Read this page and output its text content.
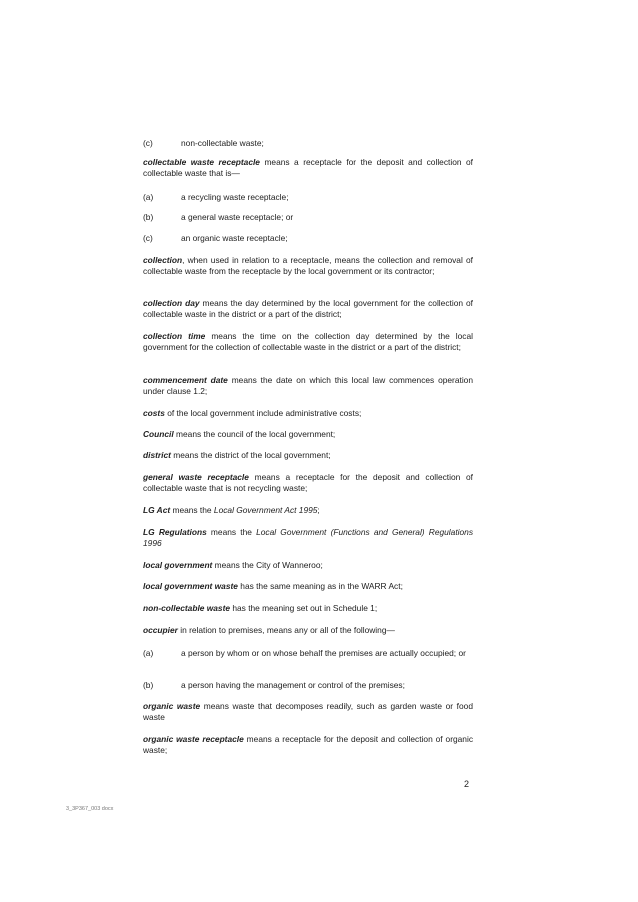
(c)	non-collectable waste;
collectable waste receptacle means a receptacle for the deposit and collection of collectable waste that is—
(a)	a recycling waste receptacle;
(b)	a general waste receptacle; or
(c)	an organic waste receptacle;
collection, when used in relation to a receptacle, means the collection and removal of collectable waste from the receptacle by the local government or its contractor;
collection day means the day determined by the local government for the collection of collectable waste in the district or a part of the district;
collection time means the time on the collection day determined by the local government for the collection of collectable waste in the district or a part of the district;
commencement date means the date on which this local law commences operation under clause 1.2;
costs of the local government include administrative costs;
Council means the council of the local government;
district means the district of the local government;
general waste receptacle means a receptacle for the deposit and collection of collectable waste that is not recycling waste;
LG Act means the Local Government Act 1995;
LG Regulations means the Local Government (Functions and General) Regulations 1996
local government means the City of Wanneroo;
local government waste has the same meaning as in the WARR Act;
non-collectable waste has the meaning set out in Schedule 1;
occupier in relation to premises, means any or all of the following—
(a)	a person by whom or on whose behalf the premises are actually occupied; or
(b)	a person having the management or control of the premises;
organic waste means waste that decomposes readily, such as garden waste or food waste
organic waste receptacle means a receptacle for the deposit and collection of organic waste;
2
3_3P367_003 docx
